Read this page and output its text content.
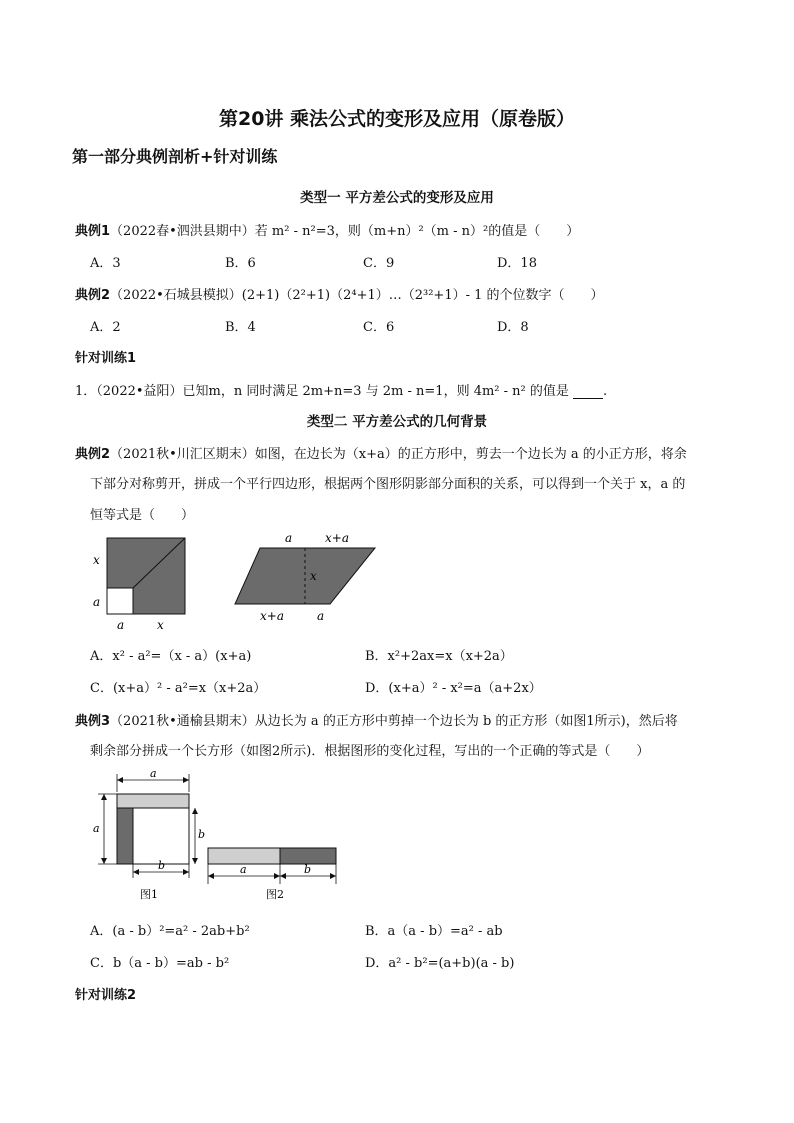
第20讲 乘法公式的变形及应用（原卷版）
第一部分典例剖析+针对训练
类型一 平方差公式的变形及应用
典例1（2022春•泗洪县期中）若 m² - n²=3，则（m+n）²（m - n）²的值是（　　）
A．3	B．6	C．9	D．18
典例2（2022•石城县模拟）(2+1)（2²+1)（2⁴+1）…（2³²+1）- 1 的个位数字（　　）
A．2	B．4	C．6	D．8
针对训练1
1．（2022•益阳）已知m，n 同时满足 2m+n=3 与 2m - n=1，则 4m² - n² 的值是	.
类型二 平方差公式的几何背景
典例2（2021秋•川汇区期末）如图，在边长为（x+a）的正方形中，剪去一个边长为 a 的小正方形，将余
下部分对称剪开，拼成一个平行四边形，根据两个图形阴影部分面积的关系，可以得到一个关于 x，a 的
恒等式是（　　）
x
a
a	x
a	x+a
x
x+a	a
A．x² - a²=（x - a）(x+a)	B．x²+2ax=x（x+2a）
C．(x+a）² - a²=x（x+2a）	D．(x+a）² - x²=a（a+2x）
典例3（2021秋•通榆县期末）从边长为 a 的正方形中剪掉一个边长为 b 的正方形（如图1所示)，然后将
剩余部分拼成一个长方形（如图2所示)．根据图形的变化过程，写出的一个正确的等式是（　　）
a
a	b
b
图1
a	b
图2
A．(a - b）²=a² - 2ab+b²	B．a（a - b）=a² - ab
C．b（a - b）=ab - b²	D．a² - b²=(a+b)(a - b)
针对训练2
